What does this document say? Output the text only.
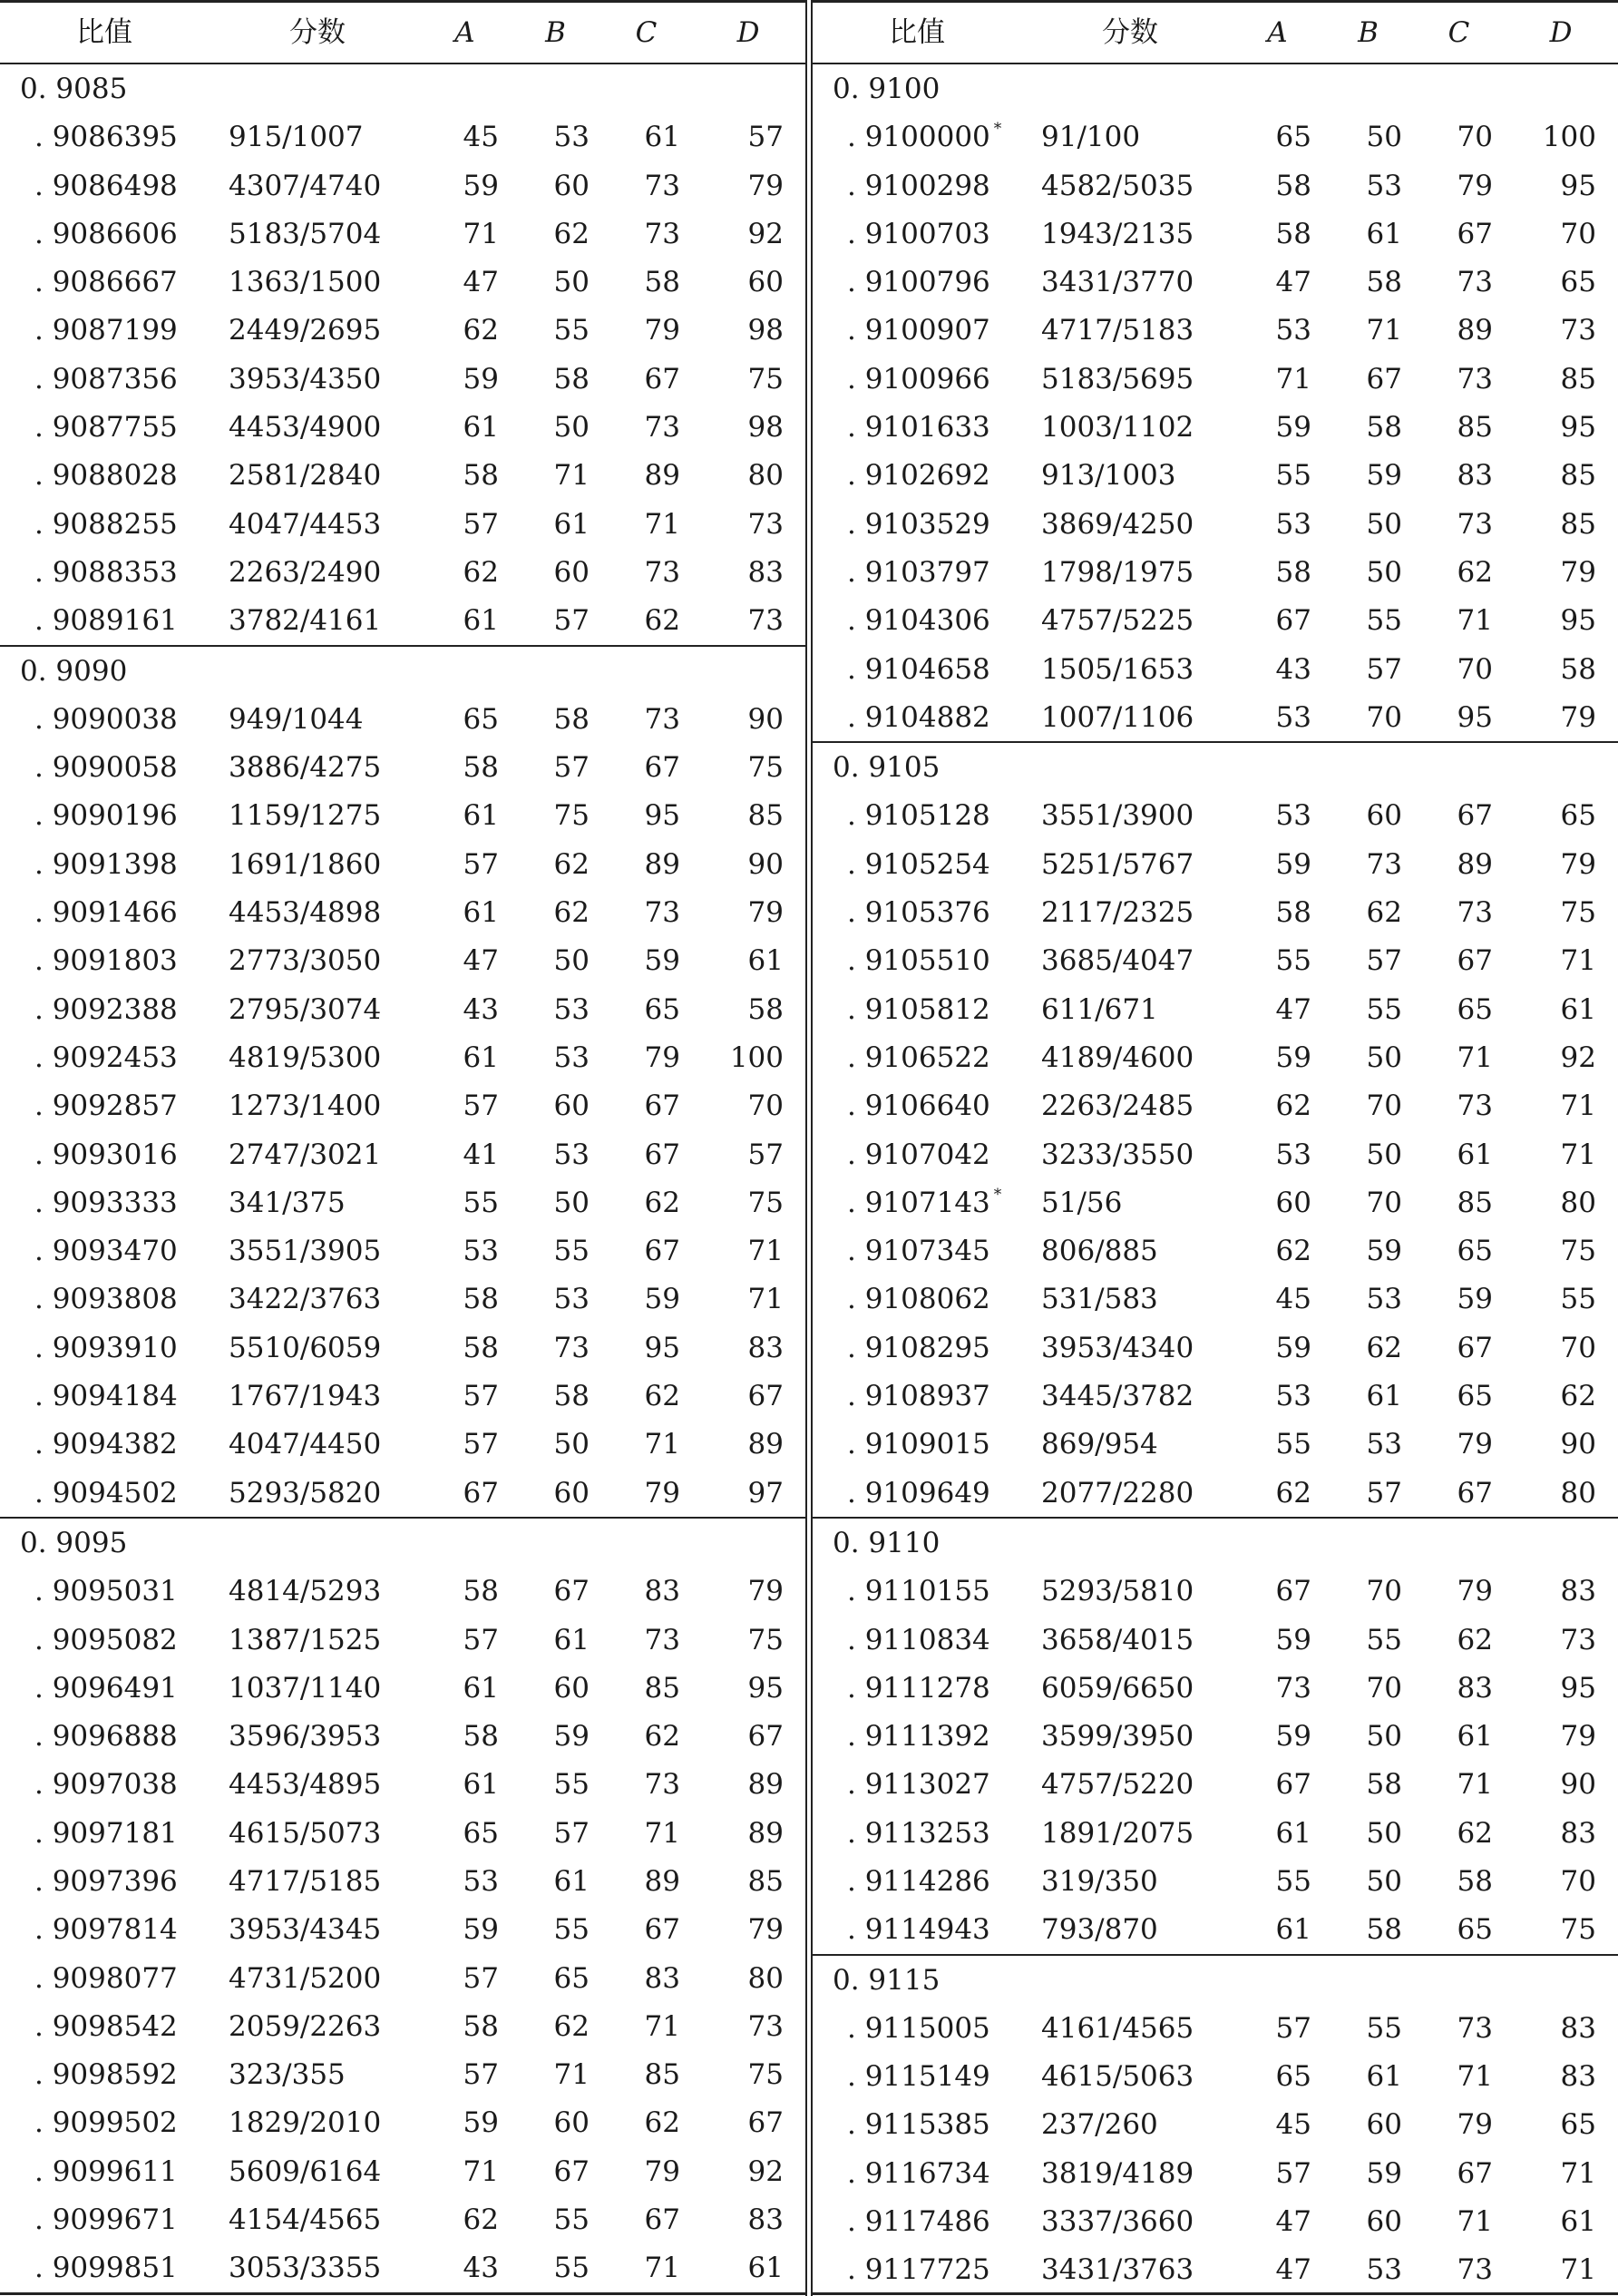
比值	分数	A	B	C	D
0. 9085
. 9086395 915/1007	45	53	61	57
. 9086498 4307/4740	59	60	73	79
. 9086606 5183/5704	71	62	73	92
. 9086667 1363/1500	47	50	58	60
. 9087199 2449/2695	62	55	79	98
. 9087356 3953/4350	59	58	67	75
. 9087755 4453/4900	61	50	73	98
. 9088028 2581/2840	58	71	89	80
. 9088255 4047/4453	57	61	71	73
. 9088353 2263/2490	62	60	73	83
. 9089161 3782/4161	61	57	62	73
0. 9090
. 9090038 949/1044	65	58	73	90
. 9090058 3886/4275	58	57	67	75
. 9090196 1159/1275	61	75	95	85
. 9091398 1691/1860	57	62	89	90
. 9091466 4453/4898	61	62	73	79
. 9091803 2773/3050	47	50	59	61
. 9092388 2795/3074	43	53	65	58
. 9092453 4819/5300	61	53	79	100
. 9092857 1273/1400	57	60	67	70
. 9093016 2747/3021	41	53	67	57
. 9093333 341/375	55	50	62	75
. 9093470 3551/3905	53	55	67	71
. 9093808 3422/3763	58	53	59	71
. 9093910 5510/6059	58	73	95	83
. 9094184 1767/1943	57	58	62	67
. 9094382 4047/4450	57	50	71	89
. 9094502 5293/5820	67	60	79	97
0. 9095
. 9095031 4814/5293	58	67	83	79
. 9095082 1387/1525	57	61	73	75
. 9096491 1037/1140	61	60	85	95
. 9096888 3596/3953	58	59	62	67
. 9097038 4453/4895	61	55	73	89
. 9097181 4615/5073	65	57	71	89
. 9097396 4717/5185	53	61	89	85
. 9097814 3953/4345	59	55	67	79
. 9098077 4731/5200	57	65	83	80
. 9098542 2059/2263	58	62	71	73
. 9098592 323/355	57	71	85	75
. 9099502 1829/2010	59	60	62	67
. 9099611 5609/6164	71	67	79	92
. 9099671 4154/4565	62	55	67	83
. 9099851 3053/3355	43	55	71	61
比值	分数	A	B	C	D
0. 9100
. 9100000 * 91/100	65	50	70	100
. 9100298 4582/5035	58	53	79	95
. 9100703 1943/2135	58	61	67	70
. 9100796 3431/3770	47	58	73	65
. 9100907 4717/5183	53	71	89	73
. 9100966 5183/5695	71	67	73	85
. 9101633 1003/1102	59	58	85	95
. 9102692 913/1003	55	59	83	85
. 9103529 3869/4250	53	50	73	85
. 9103797 1798/1975	58	50	62	79
. 9104306 4757/5225	67	55	71	95
. 9104658 1505/1653	43	57	70	58
. 9104882 1007/1106	53	70	95	79
0. 9105
. 9105128 3551/3900	53	60	67	65
. 9105254 5251/5767	59	73	89	79
. 9105376 2117/2325	58	62	73	75
. 9105510 3685/4047	55	57	67	71
. 9105812 611/671	47	55	65	61
. 9106522 4189/4600	59	50	71	92
. 9106640 2263/2485	62	70	73	71
. 9107042 3233/3550	53	50	61	71
. 9107143 * 51/56	60	70	85	80
. 9107345 806/885	62	59	65	75
. 9108062 531/583	45	53	59	55
. 9108295 3953/4340	59	62	67	70
. 9108937 3445/3782	53	61	65	62
. 9109015 869/954	55	53	79	90
. 9109649 2077/2280	62	57	67	80
0. 9110
. 9110155 5293/5810	67	70	79	83
. 9110834 3658/4015	59	55	62	73
. 9111278 6059/6650	73	70	83	95
. 9111392 3599/3950	59	50	61	79
. 9113027 4757/5220	67	58	71	90
. 9113253 1891/2075	61	50	62	83
. 9114286 319/350	55	50	58	70
. 9114943 793/870	61	58	65	75
0. 9115
. 9115005 4161/4565	57	55	73	83
. 9115149 4615/5063	65	61	71	83
. 9115385 237/260	45	60	79	65
. 9116734 3819/4189	57	59	67	71
. 9117486 3337/3660	47	60	71	61
. 9117725 3431/3763	47	53	73	71
